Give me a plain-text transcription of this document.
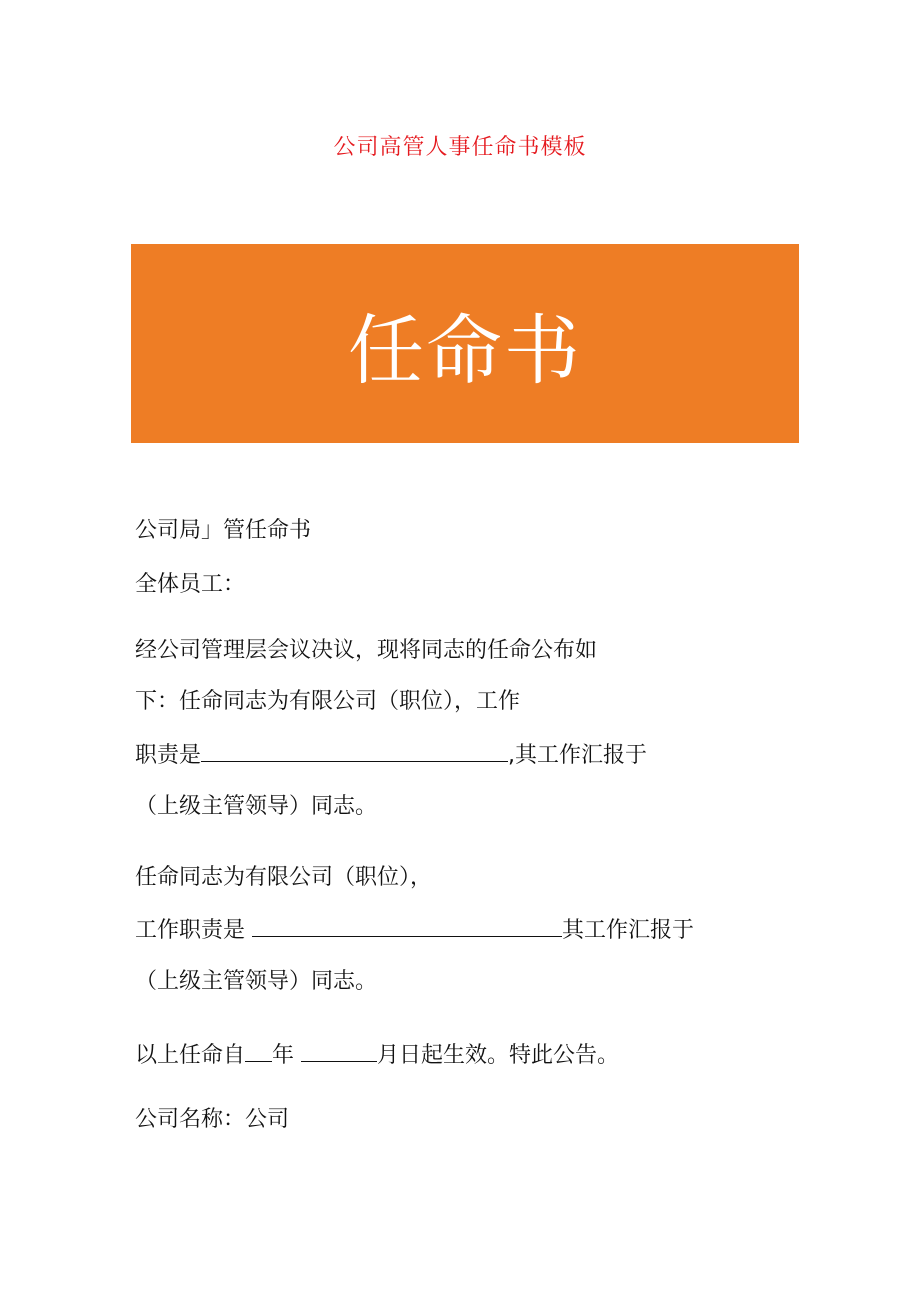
公司高管人事任命书模板
任命书
公司局」管任命书
全体员工：
经公司管理层会议决议，现将同志的任命公布如
下：任命同志为有限公司（职位），工作
职责是	,其工作汇报于
（上级主管领导）同志。
任命同志为有限公司（职位），
工作职责是	其工作汇报于
（上级主管领导）同志。
以上任命自 年	月日起生效。特此公告。
公司名称：公司
